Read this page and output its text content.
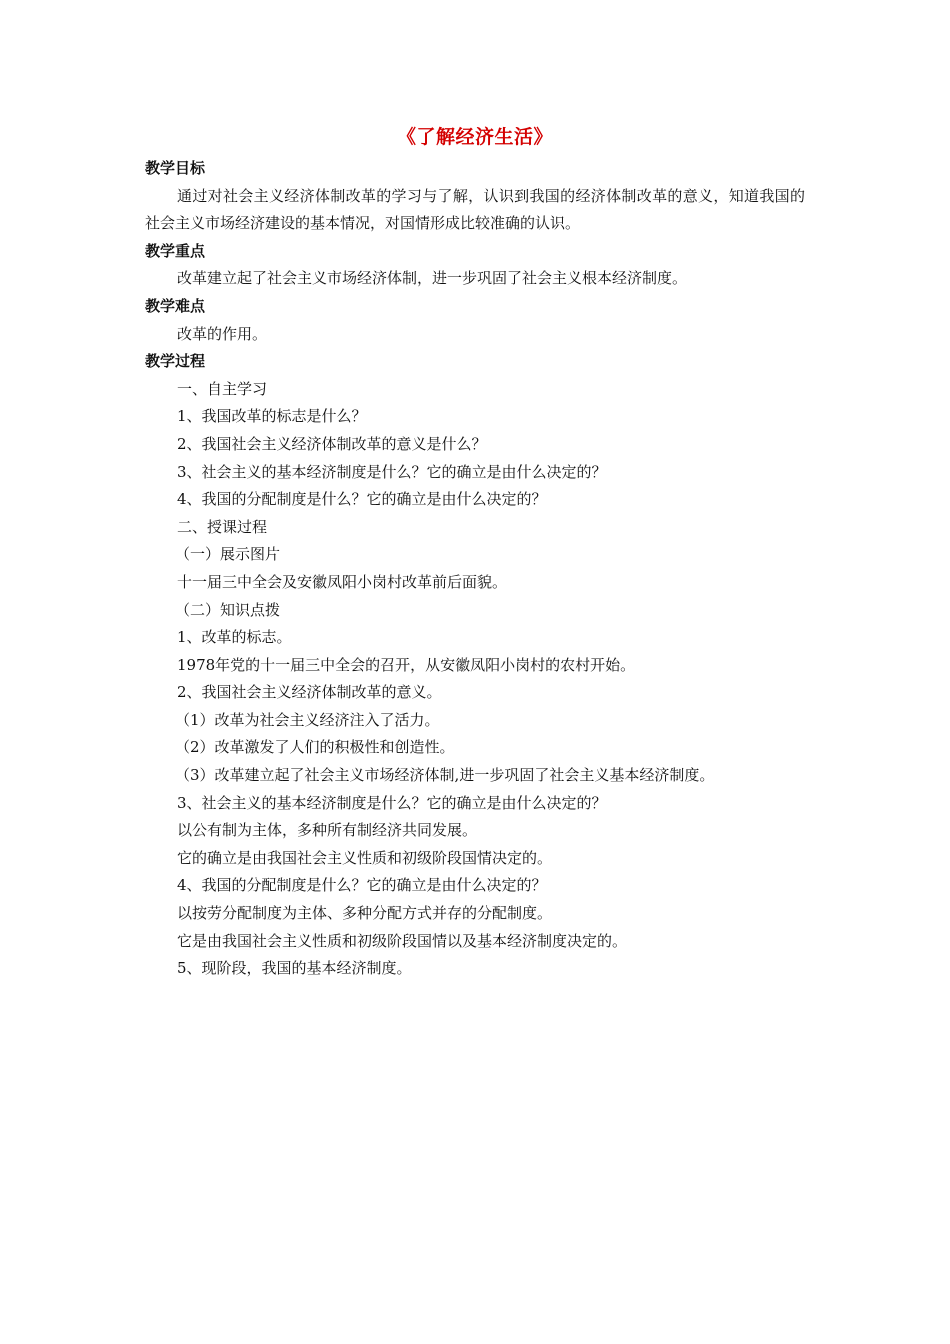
《了解经济生活》
教学目标
通过对社会主义经济体制改革的学习与了解，认识到我国的经济体制改革的意义，知道我国的社会主义市场经济建设的基本情况，对国情形成比较准确的认识。
教学重点
改革建立起了社会主义市场经济体制，进一步巩固了社会主义根本经济制度。
教学难点
改革的作用。
教学过程
一、自主学习
1、我国改革的标志是什么？
2、我国社会主义经济体制改革的意义是什么？
3、社会主义的基本经济制度是什么？它的确立是由什么决定的？
4、我国的分配制度是什么？它的确立是由什么决定的？
二、授课过程
（一）展示图片
十一届三中全会及安徽凤阳小岗村改革前后面貌。
（二）知识点拨
1、改革的标志。
1978年党的十一届三中全会的召开，从安徽凤阳小岗村的农村开始。
2、我国社会主义经济体制改革的意义。
（1）改革为社会主义经济注入了活力。
（2）改革激发了人们的积极性和创造性。
（3）改革建立起了社会主义市场经济体制,进一步巩固了社会主义基本经济制度。
3、社会主义的基本经济制度是什么？它的确立是由什么决定的？
以公有制为主体，多种所有制经济共同发展。
它的确立是由我国社会主义性质和初级阶段国情决定的。
4、我国的分配制度是什么？它的确立是由什么决定的？
以按劳分配制度为主体、多种分配方式并存的分配制度。
它是由我国社会主义性质和初级阶段国情以及基本经济制度决定的。
5、现阶段，我国的基本经济制度。
